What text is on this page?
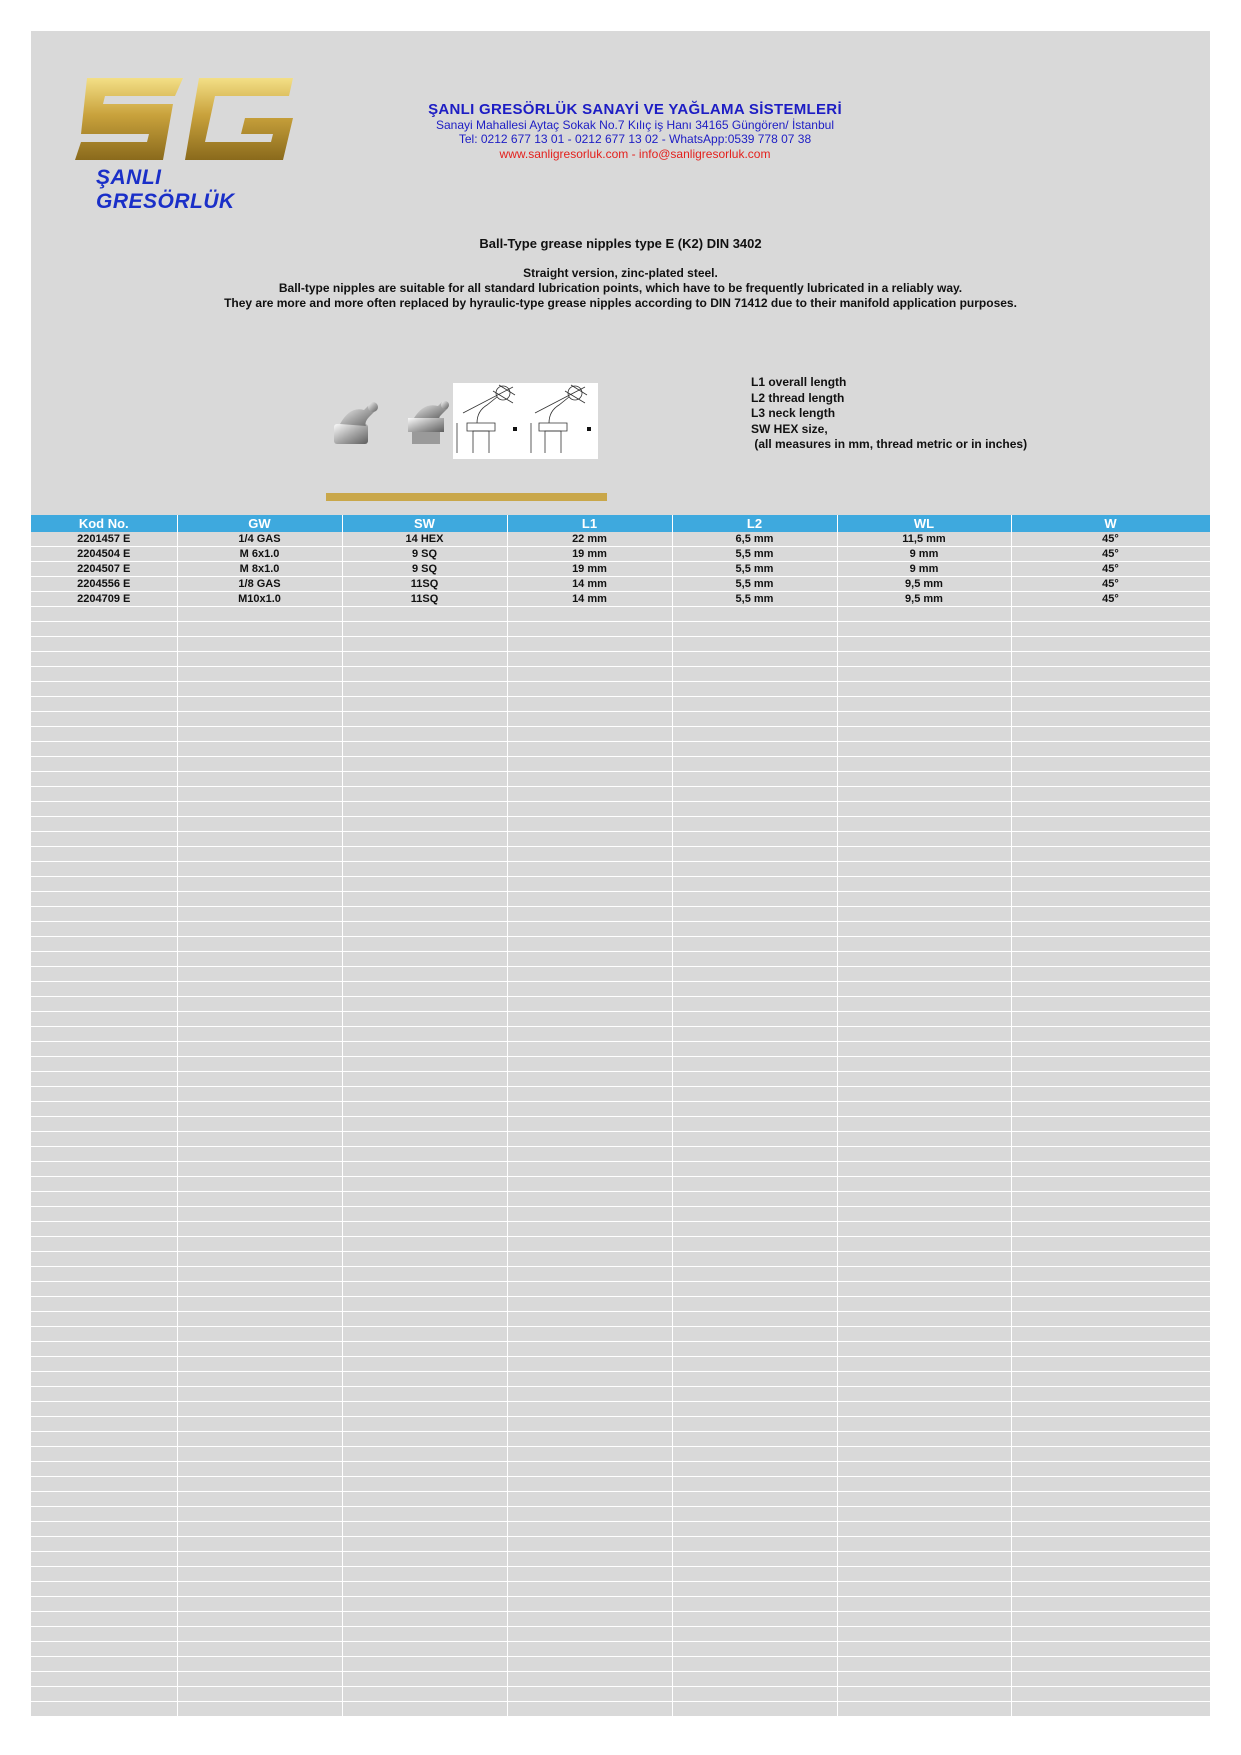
ŞANLI GRESÖRLÜK
ŞANLI GRESÖRLÜK SANAYİ VE YAĞLAMA SİSTEMLERİ
Sanayi Mahallesi Aytaç Sokak No.7 Kılıç iş Hanı 34165 Güngören/ İstanbul
Tel: 0212 677 13 01 - 0212 677 13 02 - WhatsApp:0539 778 07 38
www.sanligresorluk.com - info@sanligresorluk.com
Ball-Type grease nipples type E (K2) DIN 3402
Straight version, zinc-plated steel.
Ball-type nipples are suitable for all standard lubrication points, which have to be frequently lubricated in a reliably way.
They are more and more often replaced by hyraulic-type grease nipples according to DIN 71412 due to their manifold application purposes.
L1 overall length
L2 thread length
L3 neck length
SW HEX size,
(all measures in mm, thread metric or in inches)
Kod No.	GW	SW	L1	L2	WL	W
2201457 E	1/4 GAS	14 HEX	22 mm	6,5 mm	11,5 mm	45°
2204504 E	M 6x1.0	9 SQ	19 mm	5,5 mm	9 mm	45°
2204507 E	M 8x1.0	9 SQ	19 mm	5,5 mm	9 mm	45°
2204556 E	1/8 GAS	11SQ	14 mm	5,5 mm	9,5 mm	45°
2204709 E	M10x1.0	11SQ	14 mm	5,5 mm	9,5 mm	45°
